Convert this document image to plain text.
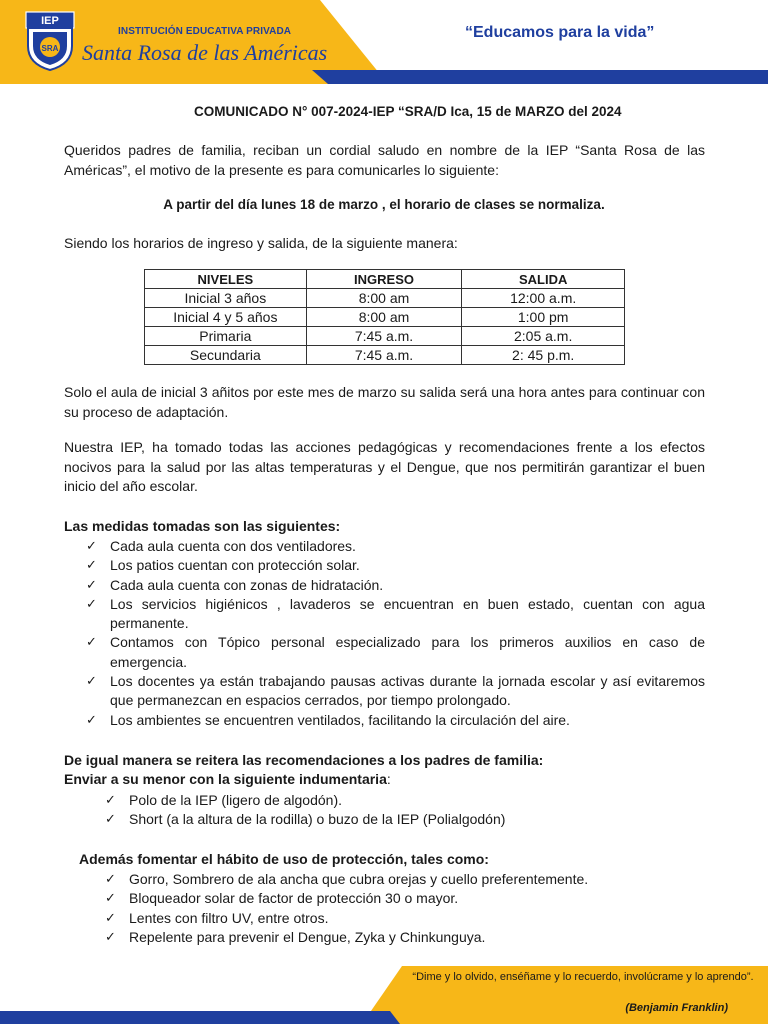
IEP
SRA
INSTITUCIÓN EDUCATIVA PRIVADA
Santa Rosa de las Américas
“Educamos para la vida”
COMUNICADO N° 007-2024-IEP “SRA/D Ica, 15 de MARZO del 2024
Queridos padres de familia, reciban un cordial saludo en nombre de la IEP “Santa Rosa de las Américas”, el motivo de la presente es para comunicarles lo siguiente:
A partir del día lunes 18 de marzo , el horario de clases se normaliza.
Siendo los horarios de ingreso y salida, de la siguiente manera:
NIVELES	INGRESO	SALIDA
Inicial 3 años	8:00 am	12:00 a.m.
Inicial 4 y 5 años	8:00 am	1:00 pm
Primaria	7:45 a.m.	2:05 a.m.
Secundaria	7:45 a.m.	2: 45 p.m.
Solo el aula de inicial 3 añitos por este mes de marzo su salida será una hora antes para continuar con su proceso de adaptación.
Nuestra IEP, ha tomado todas las acciones pedagógicas y recomendaciones frente a los efectos nocivos para la salud por las altas temperaturas y el Dengue, que nos permitirán garantizar el buen inicio del año escolar.
Las medidas tomadas son las siguientes:
✓ Cada aula cuenta con dos ventiladores.
✓ Los patios cuentan con protección solar.
✓ Cada aula cuenta con zonas de hidratación.
✓ Los servicios higiénicos , lavaderos se encuentran en buen estado, cuentan con agua permanente.
✓ Contamos con Tópico personal especializado para los primeros auxilios en caso de emergencia.
✓ Los docentes ya están trabajando pausas activas durante la jornada escolar y así evitaremos que permanezcan en espacios cerrados, por tiempo prolongado.
✓ Los ambientes se encuentren ventilados, facilitando la circulación del aire.
De igual manera se reitera las recomendaciones a los padres de familia:
Enviar a su menor con la siguiente indumentaria:
✓ Polo de la IEP (ligero de algodón).
✓ Short (a la altura de la rodilla) o buzo de la IEP (Polialgodón)
Además fomentar el hábito de uso de protección, tales como:
✓ Gorro, Sombrero de ala ancha que cubra orejas y cuello preferentemente.
✓ Bloqueador solar de factor de protección 30 o mayor.
✓ Lentes con filtro UV, entre otros.
✓ Repelente para prevenir el Dengue, Zyka y Chinkunguya.
“Dime y lo olvido, enséñame y lo recuerdo, involúcrame y lo aprendo”.
(Benjamin Franklin)
